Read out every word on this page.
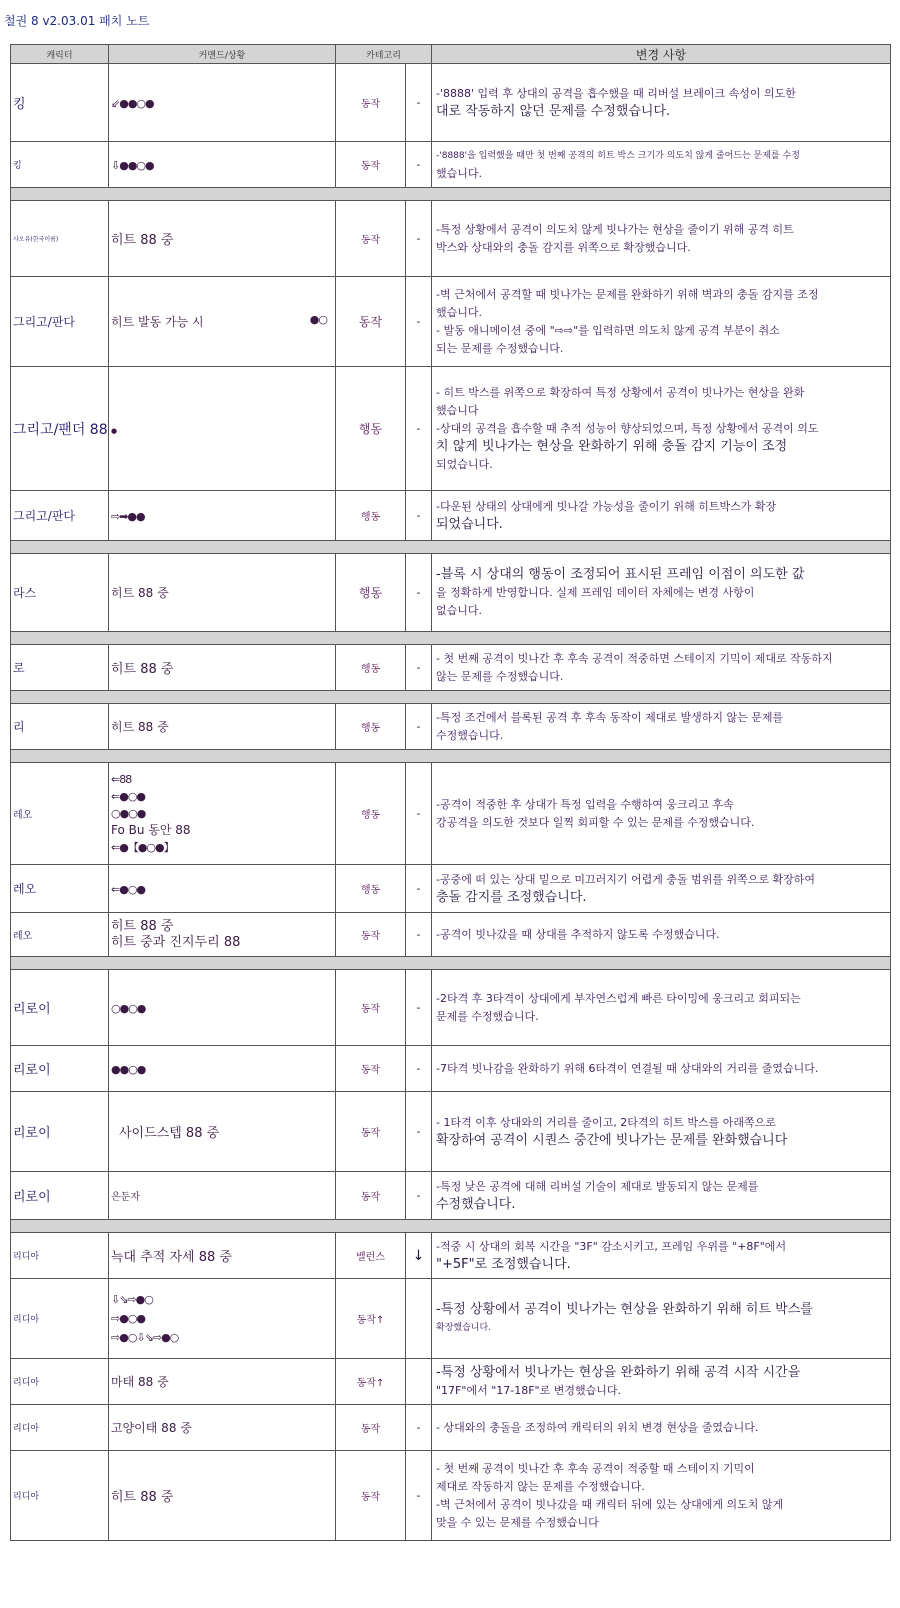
철권 8 v2.03.01 패치 노트
캐릭터	커맨드/상황	카테고리		변경 사항
킹	⇙●●○●	동작	-	-'8888' 입력 후 상대의 공격을 흡수했을 때 리버설 브레이크 속성이 의도한
대로 작동하지 않던 문제를 수정했습니다.

킹	⇩●●○●	동작	-	-'8888'을 입력했을 때만 첫 번째 공격의 히트 박스 크기가 의도치 않게 줄어드는 문제를 수정
했습니다.

샤오유(한국이름)	히트 88 중	동작	-	-특정 상황에서 공격이 의도치 않게 빗나가는 현상을 줄이기 위해 공격 히트
박스와 상대와의 충돌 감지를 위쪽으로 확장했습니다.

그리고/판다	히트 발동 가능 시 ●○	동작	-	-벽 근처에서 공격할 때 빗나가는 문제를 완화하기 위해 벽과의 충돌 감지를 조정
했습니다.
- 발동 애니메이션 중에 "⇨⇨"를 입력하면 의도치 않게 공격 부분이 취소
되는 문제를 수정했습니다.

그리고/팬더 88	●	행동	-	- 히트 박스를 위쪽으로 확장하여 특정 상황에서 공격이 빗나가는 현상을 완화
했습니다
-상대의 공격을 흡수할 때 추적 성능이 향상되었으며, 특정 상황에서 공격이 의도
치 않게 빗나가는 현상을 완화하기 위해 충돌 감지 기능이 조정
되었습니다.

그리고/판다	⇨➡●●	행동	-	-다운된 상태의 상대에게 빗나갈 가능성을 줄이기 위해 히트박스가 확장
되었습니다.

라스	히트 88 중	행동	-	-블록 시 상대의 행동이 조정되어 표시된 프레임 이점이 의도한 값
을 정확하게 반영합니다. 실제 프레임 데이터 자체에는 변경 사항이
없습니다.

로	히트 88 중	행동	-	- 첫 번째 공격이 빗나간 후 후속 공격이 적중하면 스테이지 기믹이 제대로 작동하지
않는 문제를 수정했습니다.

리	히트 88 중	행동	-	-특정 조건에서 블록된 공격 후 후속 동작이 제대로 발생하지 않는 문제를
수정했습니다.

레오	⇐88
⇐●○●
○●○●
Fo Bu 동안 88
⇐●【●○●】	행동	-	-공격이 적중한 후 상대가 특정 입력을 수행하여 웅크리고 후속
강공격을 의도한 것보다 일찍 회피할 수 있는 문제를 수정했습니다.

레오	⇐●○●	행동	-	-공중에 떠 있는 상대 밑으로 미끄러지기 어렵게 충돌 범위를 위쪽으로 확장하여
충돌 감지를 조정했습니다.

레오	히트 88 중
히트 중과 진지두리 88	동작	-	-공격이 빗나갔을 때 상대를 추적하지 않도록 수정했습니다.

리로이	○●○●	동작	-	-2타격 후 3타격이 상대에게 부자연스럽게 빠른 타이밍에 웅크리고 회피되는
문제를 수정했습니다.

리로이	●●○●	동작	-	-7타격 빗나감을 완화하기 위해 6타격이 연결될 때 상대와의 거리를 줄였습니다.

리로이	사이드스텝 88 중	동작	-	- 1타격 이후 상대와의 거리를 줄이고, 2타격의 히트 박스를 아래쪽으로
확장하여 공격이 시퀀스 중간에 빗나가는 문제를 완화했습니다

리로이	은둔자	동작	-	-특정 낮은 공격에 대해 리버설 기술이 제대로 발동되지 않는 문제를
수정했습니다.

리디아	늑대 추적 자세 88 중	밸런스	↓	-적중 시 상대의 회복 시간을 "3F" 감소시키고, 프레임 우위를 "+8F"에서
"+5F"로 조정했습니다.

리디아	⇩⇘⇨●○
⇨●○●
⇨●○⇩⇘⇨●○	동작↑		-특정 상황에서 공격이 빗나가는 현상을 완화하기 위해 히트 박스를
확장했습니다.

리디아	마태 88 중	동작↑		-특정 상황에서 빗나가는 현상을 완화하기 위해 공격 시작 시간을
"17F"에서 "17-18F"로 변경했습니다.

리디아	고양이태 88 중	동작	-	- 상대와의 충돌을 조정하여 캐릭터의 위치 변경 현상을 줄였습니다.

리디아	히트 88 중	동작	-	- 첫 번째 공격이 빗나간 후 후속 공격이 적중할 때 스테이지 기믹이
제대로 작동하지 않는 문제를 수정했습니다.
-벽 근처에서 공격이 빗나갔을 때 캐릭터 뒤에 있는 상대에게 의도치 않게
맞을 수 있는 문제를 수정했습니다
